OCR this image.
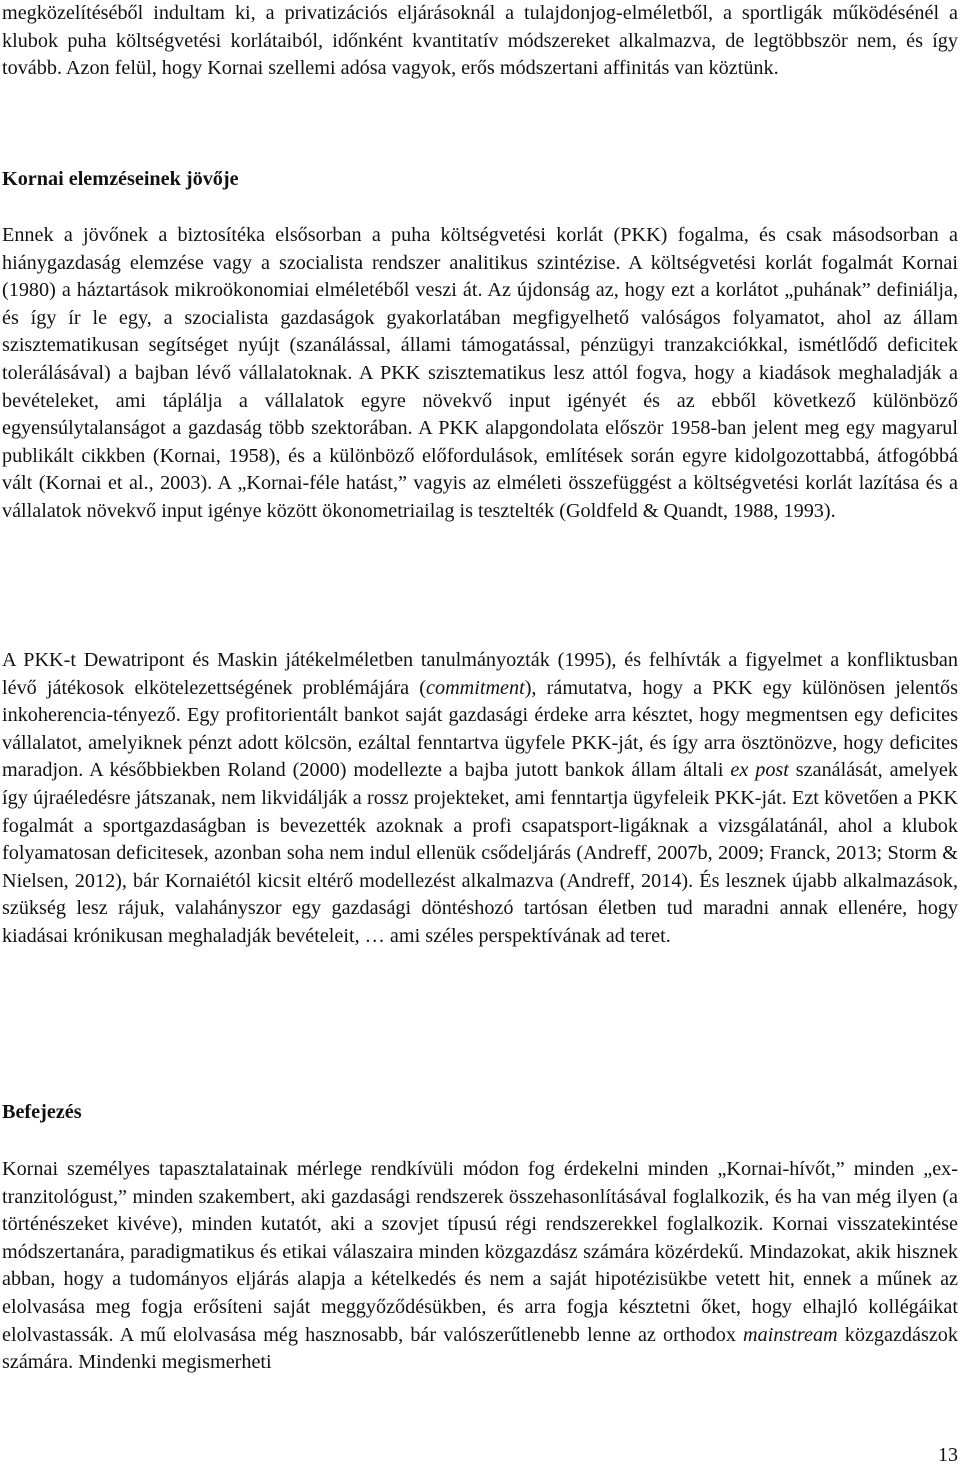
megközelítéséből indultam ki, a privatizációs eljárásoknál a tulajdonjog-elméletből, a sportligák működésénél a klubok puha költségvetési korlátaiból, időnként kvantitatív módszereket alkalmazva, de legtöbbször nem, és így tovább. Azon felül, hogy Kornai szellemi adósa vagyok, erős módszertani affinitás van köztünk.

Kornai elemzéseinek jövője

Ennek a jövőnek a biztosítéka elsősorban a puha költségvetési korlát (PKK) fogalma, és csak másodsorban a hiánygazdaság elemzése vagy a szocialista rendszer analitikus szintézise. A költségvetési korlát fogalmát Kornai (1980) a háztartások mikroökonomiai elméletéből veszi át. Az újdonság az, hogy ezt a korlátot „puhának” definiálja, és így ír le egy, a szocialista gazdaságok gyakorlatában megfigyelhető valóságos folyamatot, ahol az állam szisztematikusan segítséget nyújt (szanálással, állami támogatással, pénzügyi tranzakciókkal, ismétlődő deficitek tolerálásával) a bajban lévő vállalatoknak. A PKK szisztematikus lesz attól fogva, hogy a kiadások meghaladják a bevételeket, ami táplálja a vállalatok egyre növekvő input igényét és az ebből következő különböző egyensúlytalanságot a gazdaság több szektorában. A PKK alapgondolata először 1958-ban jelent meg egy magyarul publikált cikkben (Kornai, 1958), és a különböző előfordulások, említések során egyre kidolgozottabbá, átfogóbbá vált (Kornai et al., 2003). A „Kornai-féle hatást,” vagyis az elméleti összefüggést a költségvetési korlát lazítása és a vállalatok növekvő input igénye között ökonometriailag is tesztelték (Goldfeld & Quandt, 1988, 1993).

A PKK-t Dewatripont és Maskin játékelméletben tanulmányozták (1995), és felhívták a figyelmet a konfliktusban lévő játékosok elkötelezettségének problémájára (commitment), rámutatva, hogy a PKK egy különösen jelentős inkoherencia-tényező. Egy profitorientált bankot saját gazdasági érdeke arra késztet, hogy megmentsen egy deficites vállalatot, amelyiknek pénzt adott kölcsön, ezáltal fenntartva ügyfele PKK-ját, és így arra ösztönözve, hogy deficites maradjon. A későbbiekben Roland (2000) modellezte a bajba jutott bankok állam általi ex post szanálását, amelyek így újraéledésre játszanak, nem likvidálják a rossz projekteket, ami fenntartja ügyfeleik PKK-ját. Ezt követően a PKK fogalmát a sportgazdaságban is bevezették azoknak a profi csapatsport-ligáknak a vizsgálatánál, ahol a klubok folyamatosan deficitesek, azonban soha nem indul ellenük csődeljárás (Andreff, 2007b, 2009; Franck, 2013; Storm & Nielsen, 2012), bár Kornaiétól kicsit eltérő modellezést alkalmazva (Andreff, 2014). És lesznek újabb alkalmazások, szükség lesz rájuk, valahányszor egy gazdasági döntéshozó tartósan életben tud maradni annak ellenére, hogy kiadásai krónikusan meghaladják bevételeit, … ami széles perspektívának ad teret.

Befejezés

Kornai személyes tapasztalatainak mérlege rendkívüli módon fog érdekelni minden „Kornai-hívőt,” minden „ex-tranzitológust,” minden szakembert, aki gazdasági rendszerek összehasonlításával foglalkozik, és ha van még ilyen (a történészeket kivéve), minden kutatót, aki a szovjet típusú régi rendszerekkel foglalkozik. Kornai visszatekintése módszertanára, paradigmatikus és etikai válaszaira minden közgazdász számára közérdekű. Mindazokat, akik hisznek abban, hogy a tudományos eljárás alapja a kételkedés és nem a saját hipotézisükbe vetett hit, ennek a műnek az elolvasása meg fogja erősíteni saját meggyőződésükben, és arra fogja késztetni őket, hogy elhajló kollégáikat elolvastassák. A mű elolvasása még hasznosabb, bár valószerűtlenebb lenne az orthodox mainstream közgazdászok számára. Mindenki megismerheti

13
